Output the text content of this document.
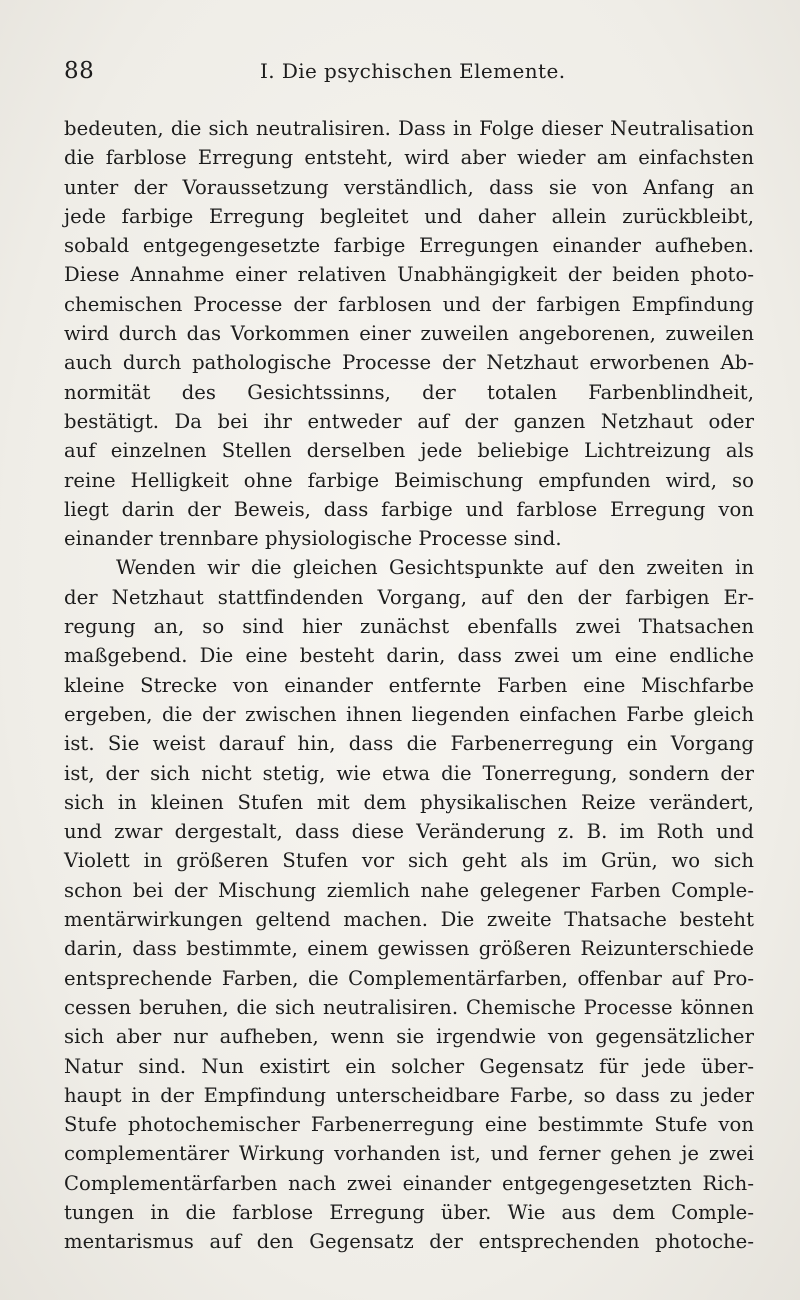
88	I. Die psychischen Elemente.
bedeuten, die sich neutralisiren. Dass in Folge dieser Neutralisation
die farblose Erregung entsteht, wird aber wieder am einfachsten
unter der Voraussetzung verständlich, dass sie von Anfang an
jede farbige Erregung begleitet und daher allein zurückbleibt,
sobald entgegengesetzte farbige Erregungen einander aufheben.
Diese Annahme einer relativen Unabhängigkeit der beiden photo-
chemischen Processe der farblosen und der farbigen Empfindung
wird durch das Vorkommen einer zuweilen angeborenen, zuweilen
auch durch pathologische Processe der Netzhaut erworbenen Ab-
normität des Gesichtssinns, der totalen Farbenblindheit,
bestätigt. Da bei ihr entweder auf der ganzen Netzhaut oder
auf einzelnen Stellen derselben jede beliebige Lichtreizung als
reine Helligkeit ohne farbige Beimischung empfunden wird, so
liegt darin der Beweis, dass farbige und farblose Erregung von
einander trennbare physiologische Processe sind.
Wenden wir die gleichen Gesichtspunkte auf den zweiten in
der Netzhaut stattfindenden Vorgang, auf den der farbigen Er-
regung an, so sind hier zunächst ebenfalls zwei Thatsachen
maßgebend. Die eine besteht darin, dass zwei um eine endliche
kleine Strecke von einander entfernte Farben eine Mischfarbe
ergeben, die der zwischen ihnen liegenden einfachen Farbe gleich
ist. Sie weist darauf hin, dass die Farbenerregung ein Vorgang
ist, der sich nicht stetig, wie etwa die Tonerregung, sondern der
sich in kleinen Stufen mit dem physikalischen Reize verändert,
und zwar dergestalt, dass diese Veränderung z. B. im Roth und
Violett in größeren Stufen vor sich geht als im Grün, wo sich
schon bei der Mischung ziemlich nahe gelegener Farben Comple-
mentärwirkungen geltend machen. Die zweite Thatsache besteht
darin, dass bestimmte, einem gewissen größeren Reizunterschiede
entsprechende Farben, die Complementärfarben, offenbar auf Pro-
cessen beruhen, die sich neutralisiren. Chemische Processe können
sich aber nur aufheben, wenn sie irgendwie von gegensätzlicher
Natur sind. Nun existirt ein solcher Gegensatz für jede über-
haupt in der Empfindung unterscheidbare Farbe, so dass zu jeder
Stufe photochemischer Farbenerregung eine bestimmte Stufe von
complementärer Wirkung vorhanden ist, und ferner gehen je zwei
Complementärfarben nach zwei einander entgegengesetzten Rich-
tungen in die farblose Erregung über. Wie aus dem Comple-
mentarismus auf den Gegensatz der entsprechenden photoche-
